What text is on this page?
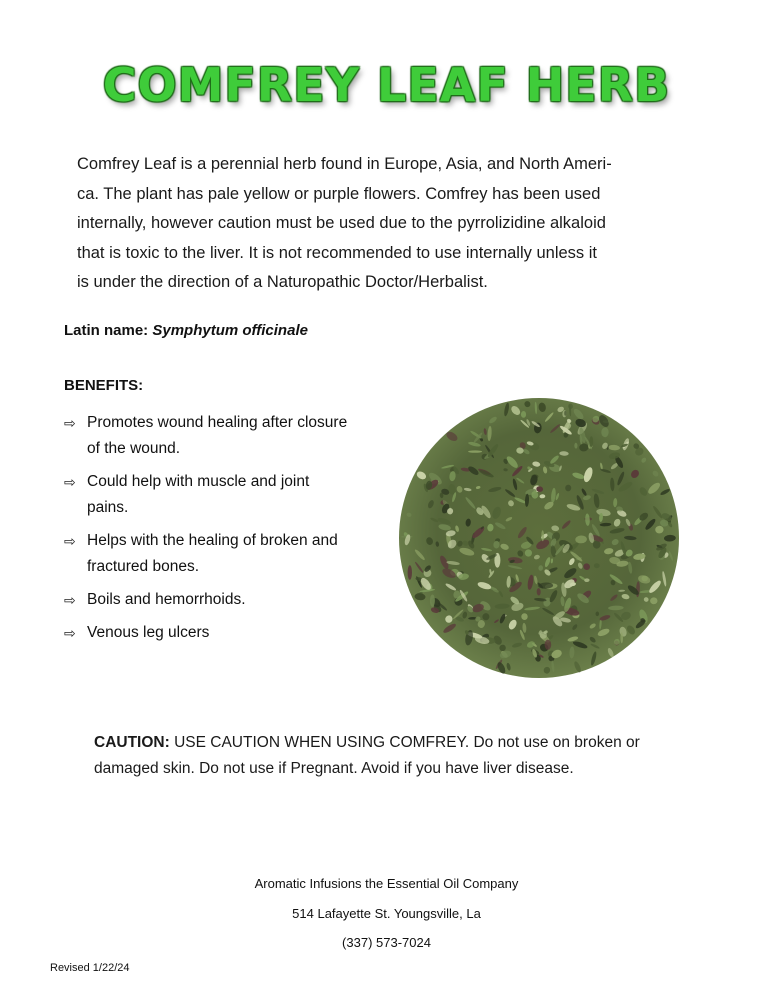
COMFREY LEAF HERB
Comfrey Leaf is a perennial herb found in Europe, Asia, and North Ameri-
ca. The plant has pale yellow or purple flowers. Comfrey has been used
internally, however caution must be used due to the pyrrolizidine alkaloid
that is toxic to the liver. It is not recommended to use internally unless it
is under the direction of a Naturopathic Doctor/Herbalist.
Latin name: Symphytum officinale
BENEFITS:
⇨ Promotes wound healing after closure
of the wound.
⇨ Could help with muscle and joint
pains.
⇨ Helps with the healing of broken and
fractured bones.
⇨ Boils and hemorrhoids.
⇨ Venous leg ulcers
CAUTION: USE CAUTION WHEN USING COMFREY. Do not use on broken or
damaged skin. Do not use if Pregnant. Avoid if you have liver disease.
Aromatic Infusions the Essential Oil Company
514 Lafayette St. Youngsville, La
(337) 573-7024
Revised 1/22/24
